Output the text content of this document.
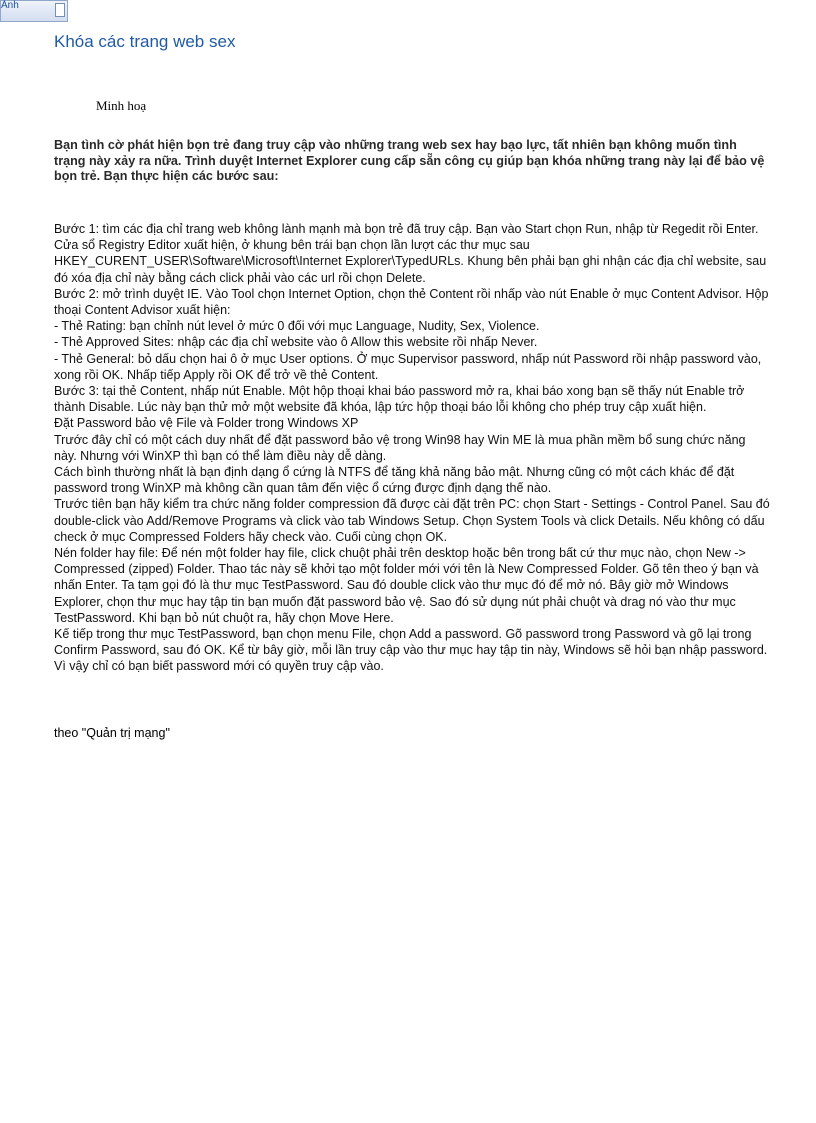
Ảnh
Khóa các trang web sex
Minh hoạ
Bạn tình cờ phát hiện bọn trẻ đang truy cập vào những trang web sex hay bạo lực, tất nhiên bạn không muốn tình trạng này xảy ra nữa. Trình duyệt Internet Explorer cung cấp sẵn công cụ giúp bạn khóa những trang này lại để bảo vệ bọn trẻ. Bạn thực hiện các bước sau:

Bước 1: tìm các địa chỉ trang web không lành mạnh mà bọn trẻ đã truy cập. Bạn vào Start chọn Run, nhập từ Regedit rồi Enter. Cửa sổ Registry Editor xuất hiện, ở khung bên trái bạn chọn lần lượt các thư mục sau HKEY_CURENT_USER\Software\Microsoft\Internet Explorer\TypedURLs. Khung bên phải bạn ghi nhận các địa chỉ website, sau đó xóa địa chỉ này bằng cách click phải vào các url rồi chọn Delete.

Bước 2: mở trình duyệt IE. Vào Tool chọn Internet Option, chọn thẻ Content rồi nhấp vào nút Enable ở mục Content Advisor. Hộp thoại Content Advisor xuất hiện:

- Thẻ Rating: bạn chỉnh nút level ở mức 0 đối với mục Language, Nudity, Sex, Violence.

- Thẻ Approved Sites: nhập các địa chỉ website vào ô Allow this website rồi nhấp Never.

- Thẻ General: bỏ dấu chọn hai ô ở mục User options. Ở mục Supervisor password, nhấp nút Password rồi nhập password vào, xong rồi OK. Nhấp tiếp Apply rồi OK để trở về thẻ Content.

Bước 3: tại thẻ Content, nhấp nút Enable. Một hộp thoại khai báo password mở ra, khai báo xong bạn sẽ thấy nút Enable trở thành Disable. Lúc này bạn thử mở một website đã khóa, lập tức hộp thoại báo lỗi không cho phép truy cập xuất hiện.

Đặt Password bảo vệ File và Folder trong Windows XP

Trước đây chỉ có một cách duy nhất để đặt password bảo vệ trong Win98 hay Win ME là mua phần mềm bổ sung chức năng này. Nhưng với WinXP thì bạn có thể làm điều này dễ dàng.

Cách bình thường nhất là bạn định dạng ổ cứng là NTFS để tăng khả năng bảo mật. Nhưng cũng có một cách khác để đặt password trong WinXP mà không cần quan tâm đến việc ổ cứng được định dạng thế nào.

Trước tiên bạn hãy kiểm tra chức năng folder compression đã được cài đặt trên PC: chọn Start - Settings - Control Panel. Sau đó double-click vào Add/Remove Programs và click vào tab Windows Setup. Chọn System Tools và click Details. Nếu không có dấu check ở mục Compressed Folders hãy check vào. Cuối cùng chọn OK.

Nén folder hay file: Để nén một folder hay file, click chuột phải trên desktop hoặc bên trong bất cứ thư mục nào, chọn New -> Compressed (zipped) Folder. Thao tác này sẽ khởi tạo một folder mới với tên là New Compressed Folder. Gõ tên theo ý bạn và nhấn Enter. Ta tạm gọi đó là thư mục TestPassword. Sau đó double click vào thư mục đó để mở nó. Bây giờ mở Windows Explorer, chọn thư mục hay tập tin bạn muốn đặt password bảo vệ. Sao đó sử dụng nút phải chuột và drag nó vào thư mục TestPassword. Khi bạn bỏ nút chuột ra, hãy chọn Move Here.

Kế tiếp trong thư mục TestPassword, bạn chọn menu File, chọn Add a password. Gõ password trong Password và gõ lại trong Confirm Password, sau đó OK. Kể từ bây giờ, mỗi lần truy cập vào thư mục hay tập tin này, Windows sẽ hỏi bạn nhập password. Vì vậy chỉ có bạn biết password mới có quyền truy cập vào.

theo "Quản trị mạng"
